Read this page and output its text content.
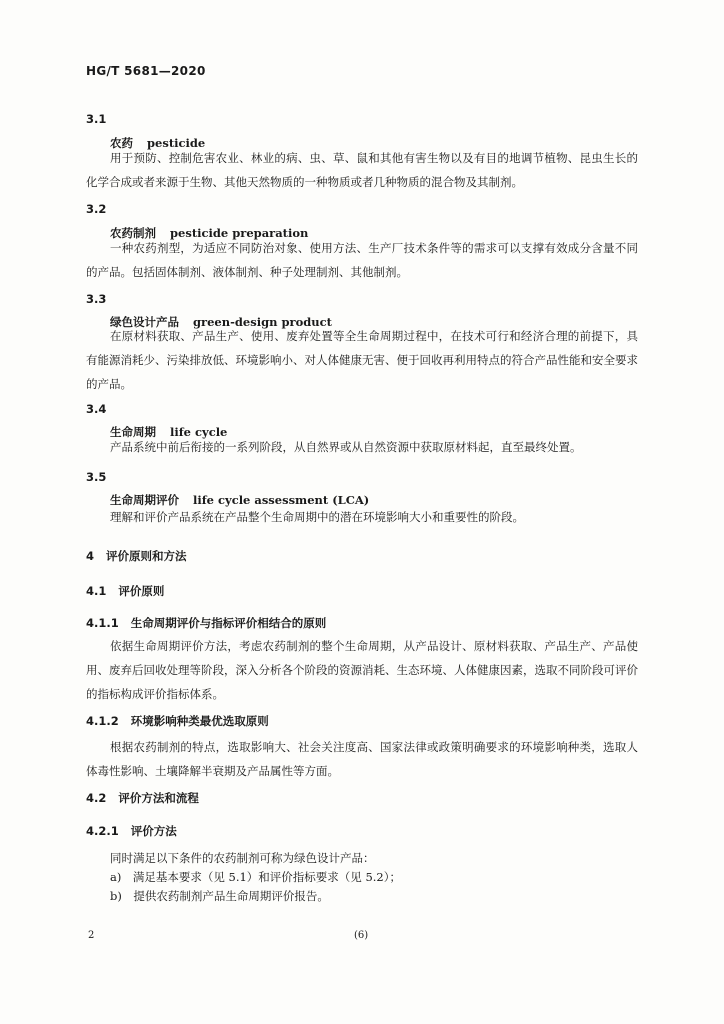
HG/T 5681—2020
3.1
农药 pesticide
用于预防、控制危害农业、林业的病、虫、草、鼠和其他有害生物以及有目的地调节植物、昆虫生长的化学合成或者来源于生物、其他天然物质的一种物质或者几种物质的混合物及其制剂。
3.2
农药制剂 pesticide preparation
一种农药剂型，为适应不同防治对象、使用方法、生产厂技术条件等的需求可以支撑有效成分含量不同的产品。包括固体制剂、液体制剂、种子处理制剂、其他制剂。
3.3
绿色设计产品 green-design product
在原材料获取、产品生产、使用、废弃处置等全生命周期过程中，在技术可行和经济合理的前提下，具有能源消耗少、污染排放低、环境影响小、对人体健康无害、便于回收再利用特点的符合产品性能和安全要求的产品。
3.4
生命周期 life cycle
产品系统中前后衔接的一系列阶段，从自然界或从自然资源中获取原材料起，直至最终处置。
3.5
生命周期评价 life cycle assessment (LCA)
理解和评价产品系统在产品整个生命周期中的潜在环境影响大小和重要性的阶段。
4 评价原则和方法
4.1 评价原则
4.1.1 生命周期评价与指标评价相结合的原则
依据生命周期评价方法，考虑农药制剂的整个生命周期，从产品设计、原材料获取、产品生产、产品使用、废弃后回收处理等阶段，深入分析各个阶段的资源消耗、生态环境、人体健康因素，选取不同阶段可评价的指标构成评价指标体系。
4.1.2 环境影响种类最优选取原则
根据农药制剂的特点，选取影响大、社会关注度高、国家法律或政策明确要求的环境影响种类，选取人体毒性影响、土壤降解半衰期及产品属性等方面。
4.2 评价方法和流程
4.2.1 评价方法
同时满足以下条件的农药制剂可称为绿色设计产品：
a)　满足基本要求（见 5.1）和评价指标要求（见 5.2）；
b)　提供农药制剂产品生命周期评价报告。
2	(6)
